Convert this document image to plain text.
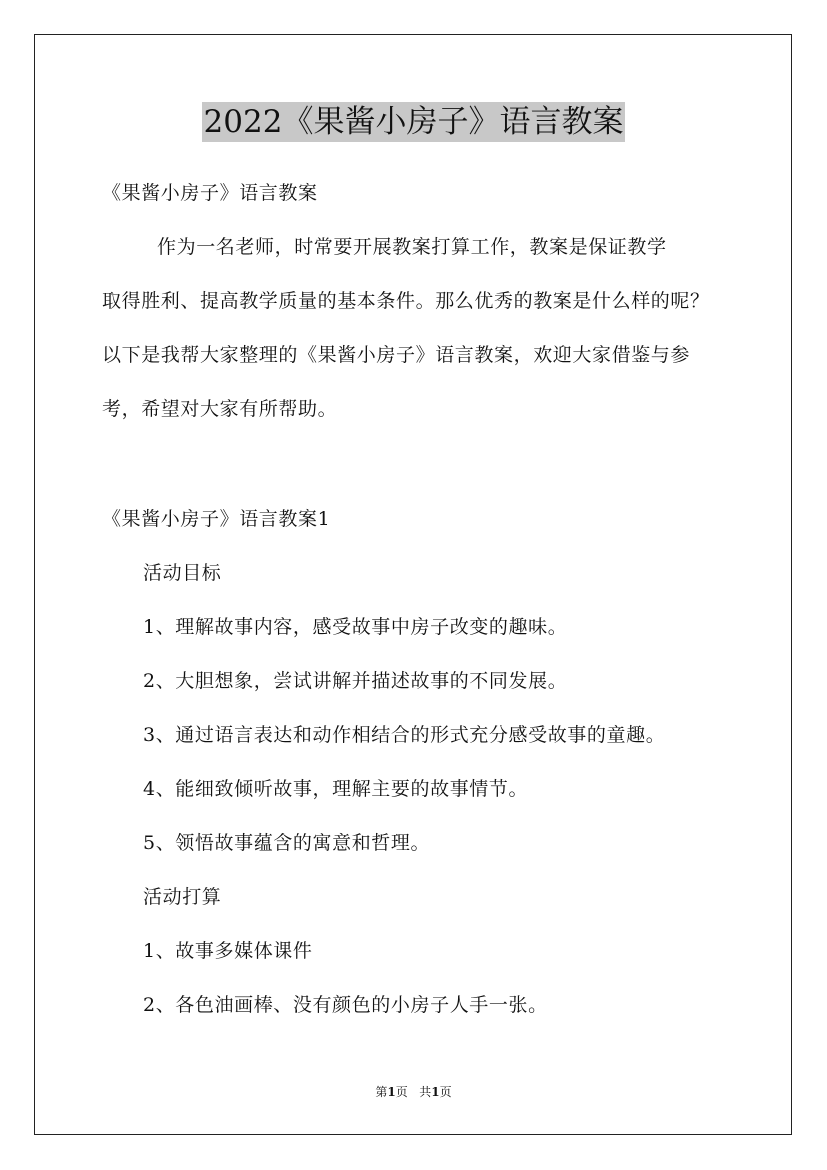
2022《果酱小房子》语言教案
《果酱小房子》语言教案
作为一名老师，时常要开展教案打算工作，教案是保证教学
取得胜利、提高教学质量的基本条件。那么优秀的教案是什么样的呢？
以下是我帮大家整理的《果酱小房子》语言教案，欢迎大家借鉴与参
考，希望对大家有所帮助。
《果酱小房子》语言教案1
活动目标
1、理解故事内容，感受故事中房子改变的趣味。
2、大胆想象，尝试讲解并描述故事的不同发展。
3、通过语言表达和动作相结合的形式充分感受故事的童趣。
4、能细致倾听故事，理解主要的故事情节。
5、领悟故事蕴含的寓意和哲理。
活动打算
1、故事多媒体课件
2、各色油画棒、没有颜色的小房子人手一张。
第1页 共1页
